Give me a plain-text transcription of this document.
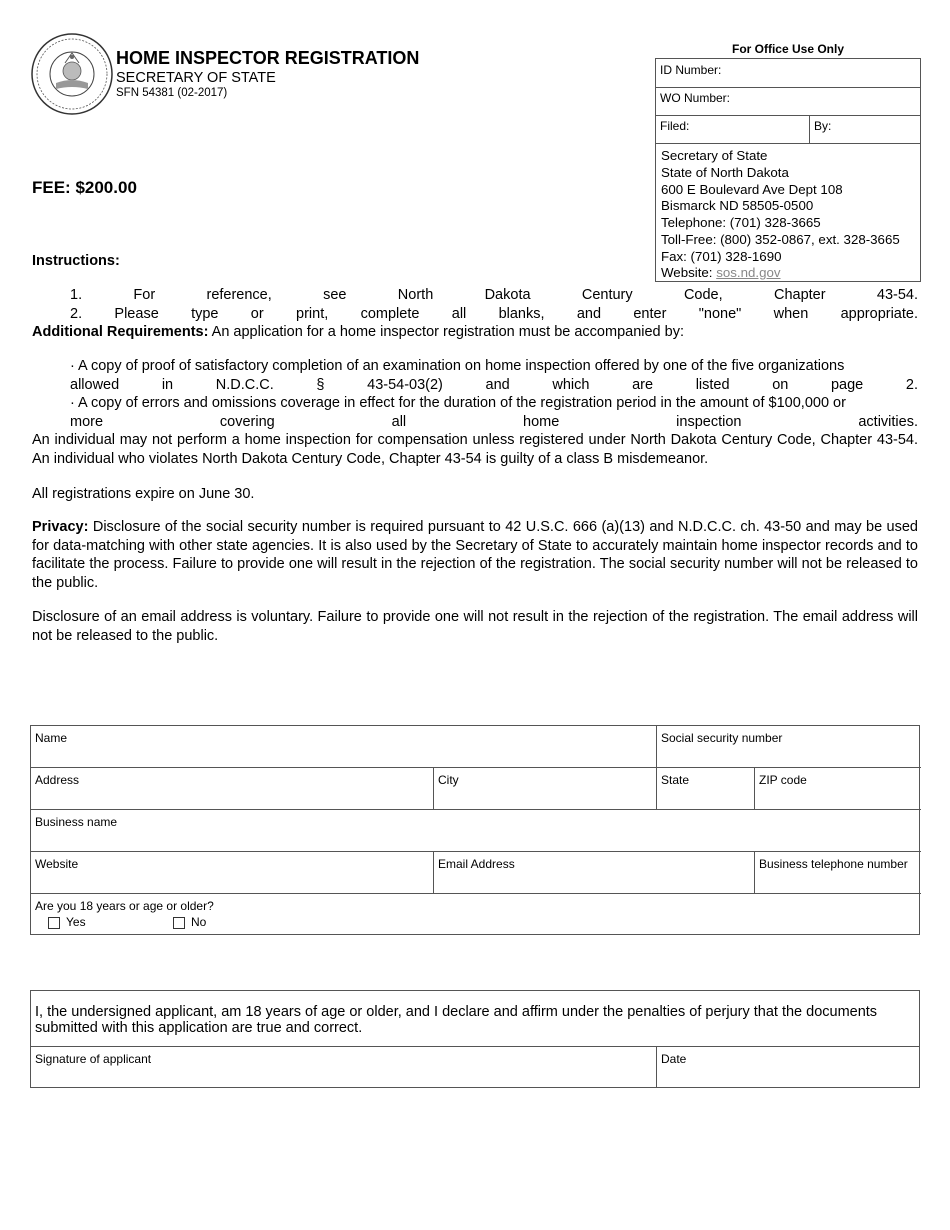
HOME INSPECTOR REGISTRATION
SECRETARY OF STATE
SFN 54381 (02-2017)
FEE: $200.00
Instructions:
For Office Use Only
ID Number:
WO Number:
Filed:	By:
Secretary of State
State of North Dakota
600 E Boulevard Ave Dept 108
Bismarck ND 58505-0500
Telephone: (701) 328-3665
Toll-Free: (800) 352-0867, ext. 328-3665
Fax: (701) 328-1690
Website: sos.nd.gov
1. For reference, see North Dakota Century Code, Chapter 43-54.
2. Please type or print, complete all blanks, and enter "none" when appropriate.
Additional Requirements: An application for a home inspector registration must be accompanied by:
· A copy of proof of satisfactory completion of an examination on home inspection offered by one of the five organizations
allowed in N.D.C.C. § 43-54-03(2) and which are listed on page 2.
· A copy of errors and omissions coverage in effect for the duration of the registration period in the amount of $100,000 or
more covering all home inspection activities.
An individual may not perform a home inspection for compensation unless registered under North Dakota Century Code, Chapter 43-54. An individual who violates North Dakota Century Code, Chapter 43-54 is guilty of a class B misdemeanor.
All registrations expire on June 30.
Privacy: Disclosure of the social security number is required pursuant to 42 U.S.C. 666 (a)(13) and N.D.C.C. ch. 43-50 and may be used for data-matching with other state agencies. It is also used by the Secretary of State to accurately maintain home inspector records and to facilitate the process. Failure to provide one will result in the rejection of the registration. The social security number will not be released to the public.
Disclosure of an email address is voluntary. Failure to provide one will not result in the rejection of the registration. The email address will not be released to the public.
Name	Social security number
Address	City	State	ZIP code
Business name
Website	Email Address	Business telephone number
Are you 18 years or age or older?
Yes	No
I, the undersigned applicant, am 18 years of age or older, and I declare and affirm under the penalties of perjury that the documents submitted with this application are true and correct.
Signature of applicant	Date
